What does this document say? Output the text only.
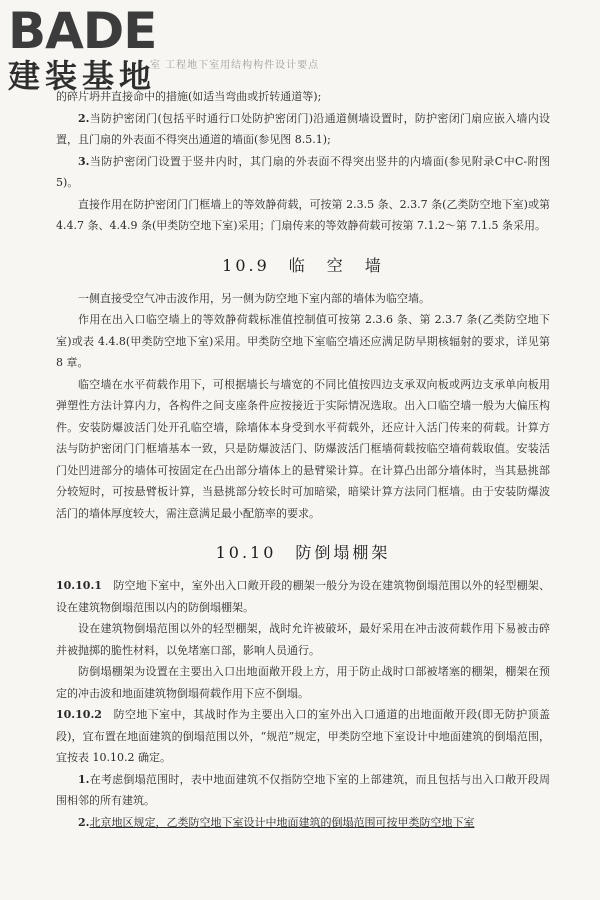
BADE
建装基地
室 工程地下室用结构构件设计要点

的碎片坍井直接命中的措施(如适当弯曲或折转通道等);

2.当防护密闭门(包括平时通行口处防护密闭门)沿通道侧墙设置时，防护密闭门扇应嵌入墙内设置，且门扇的外表面不得突出通道的墙面(参见图 8.5.1);

3.当防护密闭门设置于竖井内时，其门扇的外表面不得突出竖井的内墙面(参见附录C中C-附图5)。

直接作用在防护密闭门门框墙上的等效静荷载，可按第 2.3.5 条、2.3.7 条(乙类防空地下室)或第 4.4.7 条、4.4.9 条(甲类防空地下室)采用；门扇传来的等效静荷载可按第 7.1.2～第 7.1.5 条采用。

10.9　临　空　墙

一侧直接受空气冲击波作用，另一侧为防空地下室内部的墙体为临空墙。

作用在出入口临空墙上的等效静荷载标准值控制值可按第 2.3.6 条、第 2.3.7 条(乙类防空地下室)或表 4.4.8(甲类防空地下室)采用。甲类防空地下室临空墙还应满足防早期核辐射的要求，详见第 8 章。

临空墙在水平荷载作用下，可根据墙长与墙宽的不同比值按四边支承双向板或两边支承单向板用弹塑性方法计算内力，各构件之间支座条件应按接近于实际情况选取。出入口临空墙一般为大偏压构件。安装防爆波活门处开孔临空墙，除墙体本身受到水平荷载外，还应计入活门传来的荷载。计算方法与防护密闭门门框墙基本一致，只是防爆波活门、防爆波活门框墙荷载按临空墙荷载取值。安装活门处凹进部分的墙体可按固定在凸出部分墙体上的悬臂梁计算。在计算凸出部分墙体时，当其悬挑部分较短时，可按悬臂板计算，当悬挑部分较长时可加暗梁，暗梁计算方法同门框墙。由于安装防爆波活门的墙体厚度较大，需注意满足最小配筋率的要求。

10.10　防倒塌棚架

10.10.1　防空地下室中，室外出入口敞开段的棚架一般分为设在建筑物倒塌范围以外的轻型棚架、设在建筑物倒塌范围以内的防倒塌棚架。

设在建筑物倒塌范围以外的轻型棚架，战时允许被破坏，最好采用在冲击波荷载作用下易被击碎并被抛掷的脆性材料，以免堵塞口部，影响人员通行。

防倒塌棚架为设置在主要出入口出地面敞开段上方，用于防止战时口部被堵塞的棚架，棚架在预定的冲击波和地面建筑物倒塌荷载作用下应不倒塌。

10.10.2　防空地下室中，其战时作为主要出入口的室外出入口通道的出地面敞开段(即无防护顶盖段)，宜布置在地面建筑的倒塌范围以外，“规范”规定，甲类防空地下室设计中地面建筑的倒塌范围，宜按表 10.10.2 确定。

1.在考虑倒塌范围时，表中地面建筑不仅指防空地下室的上部建筑，而且包括与出入口敞开段周围相邻的所有建筑。

2.北京地区规定，乙类防空地下室设计中地面建筑的倒塌范围可按甲类防空地下室
